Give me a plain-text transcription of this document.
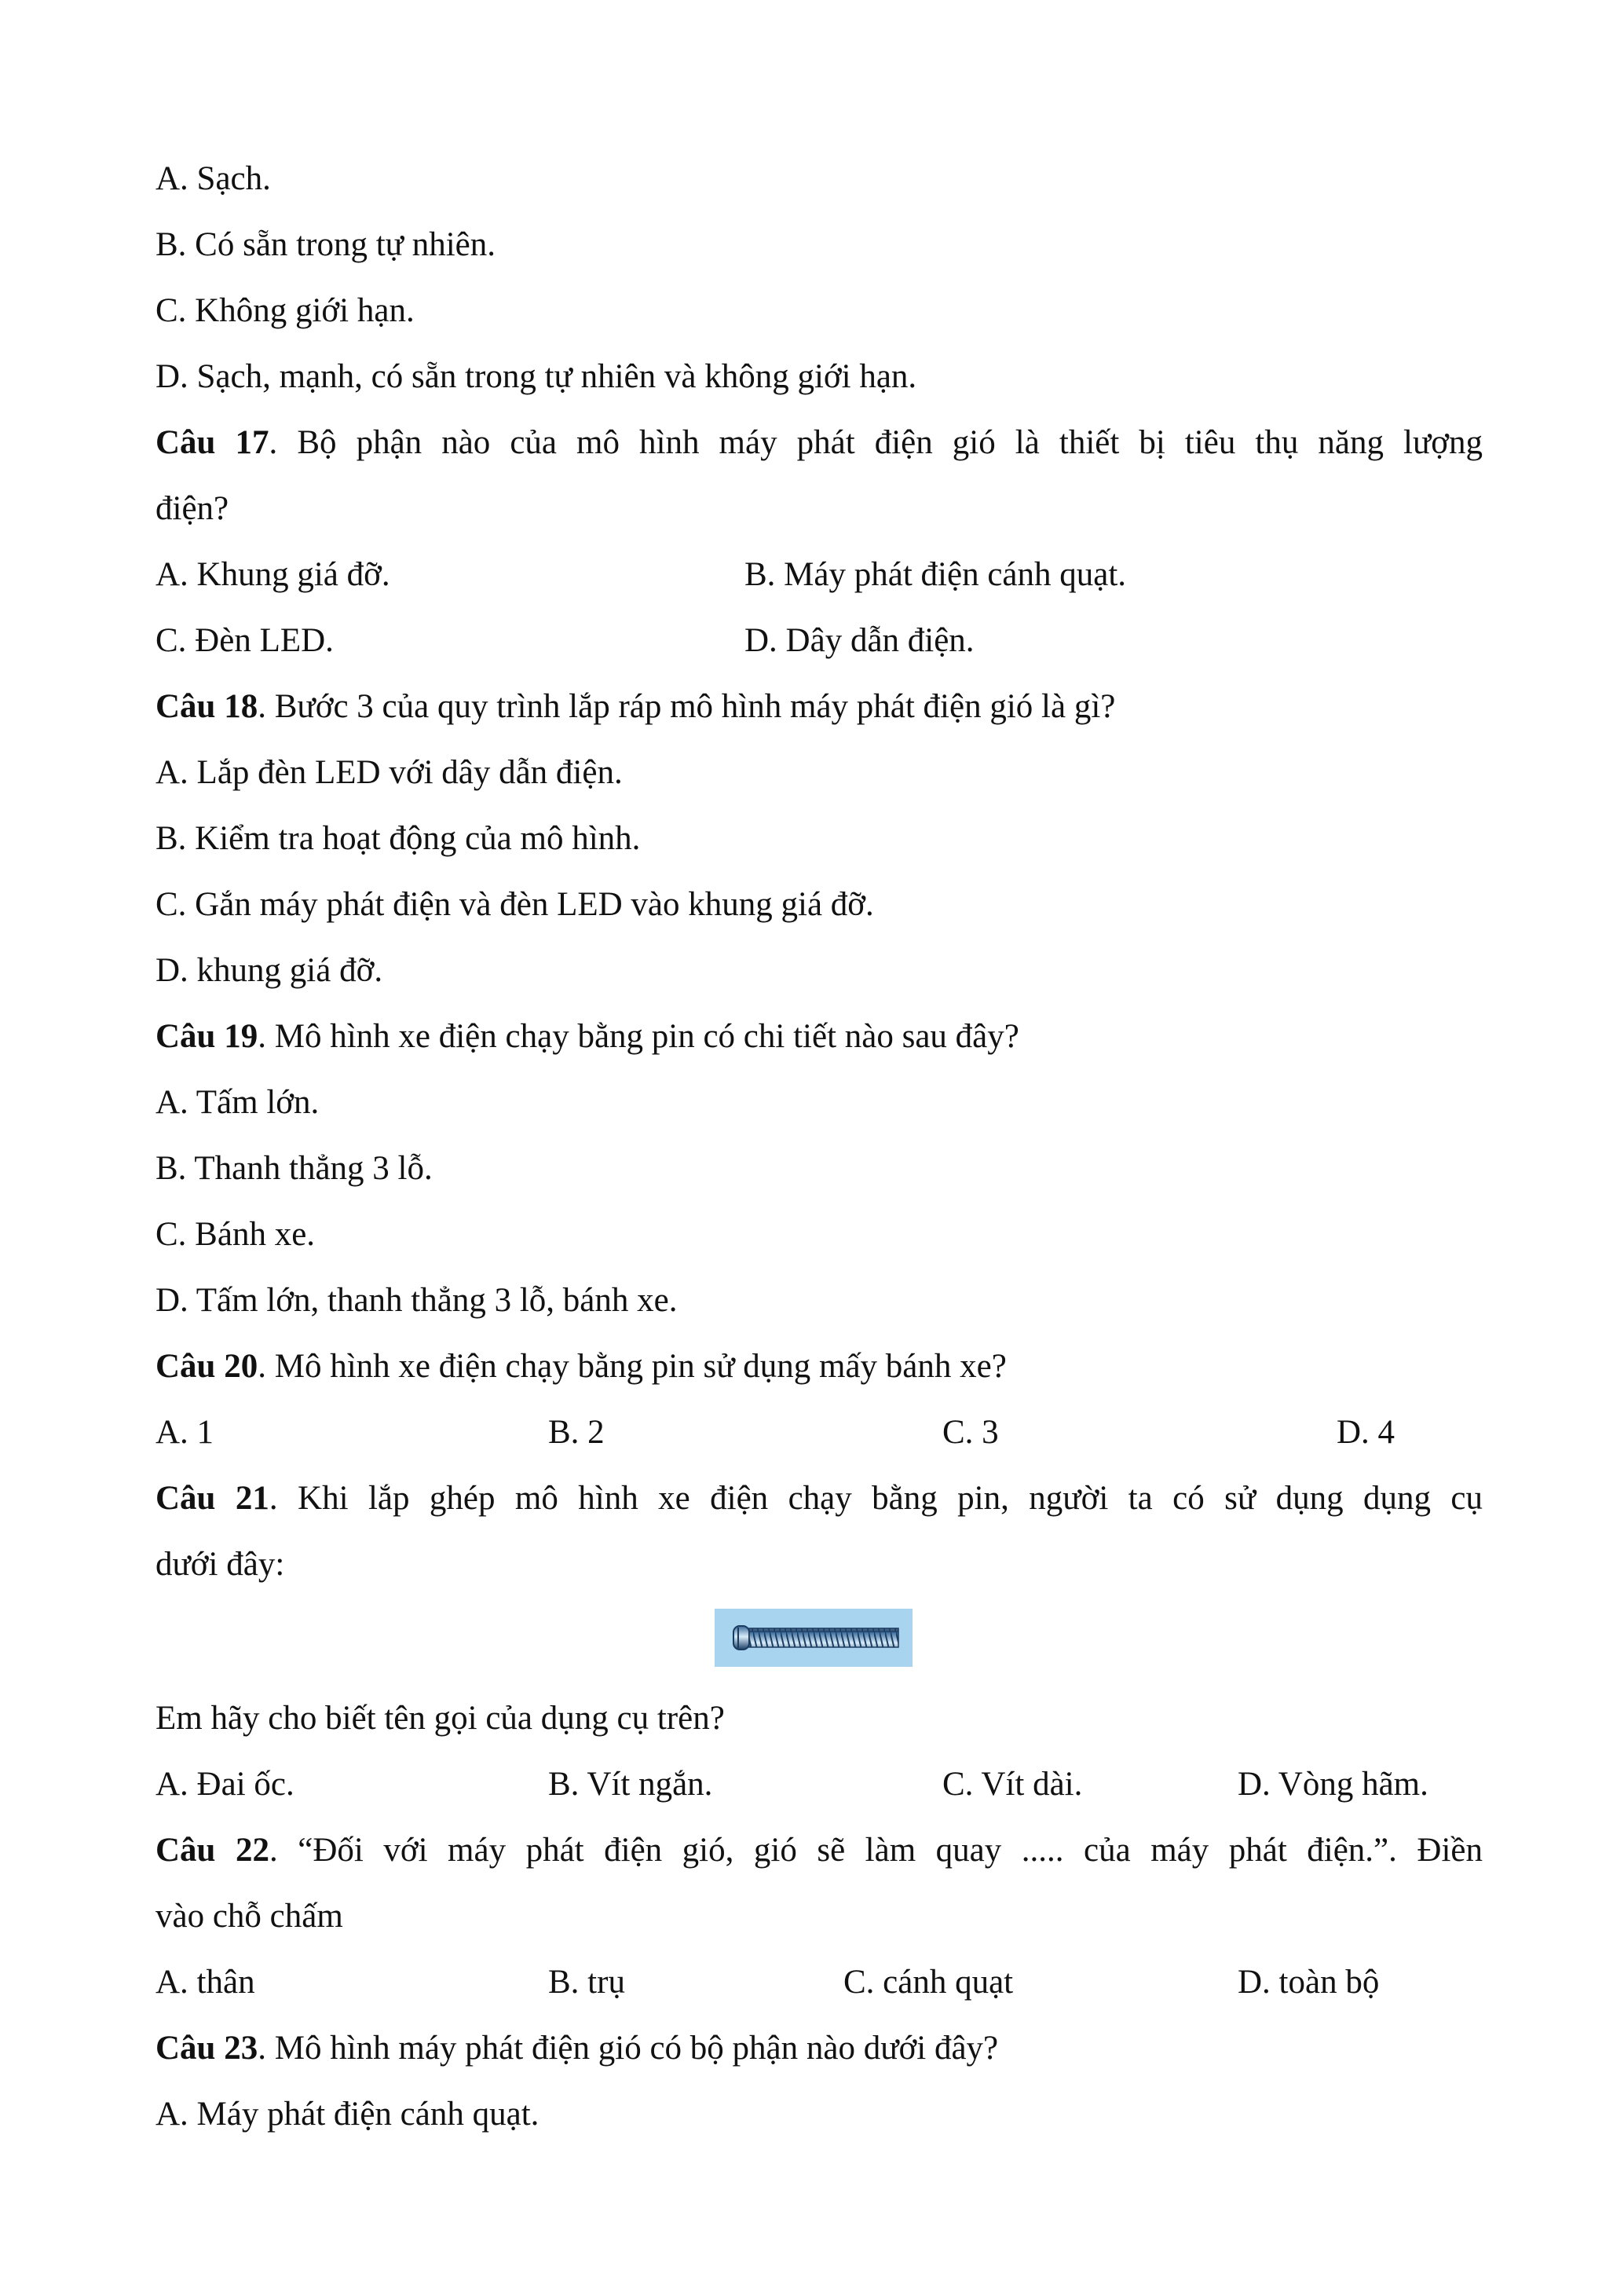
A. Sạch.
B. Có sẵn trong tự nhiên.
C. Không giới hạn.
D. Sạch, mạnh, có sẵn trong tự nhiên và không giới hạn.
Câu 17. Bộ phận nào của mô hình máy phát điện gió là thiết bị tiêu thụ năng lượng
điện?
A. Khung giá đỡ.	B. Máy phát điện cánh quạt.
C. Đèn LED.	D. Dây dẫn điện.
Câu 18. Bước 3 của quy trình lắp ráp mô hình máy phát điện gió là gì?
A. Lắp đèn LED với dây dẫn điện.
B. Kiểm tra hoạt động của mô hình.
C. Gắn máy phát điện và đèn LED vào khung giá đỡ.
D. khung giá đỡ.
Câu 19. Mô hình xe điện chạy bằng pin có chi tiết nào sau đây?
A. Tấm lớn.
B. Thanh thẳng 3 lỗ.
C. Bánh xe.
D. Tấm lớn, thanh thẳng 3 lỗ, bánh xe.
Câu 20. Mô hình xe điện chạy bằng pin sử dụng mấy bánh xe?
A. 1	B. 2	C. 3	D. 4
Câu 21. Khi lắp ghép mô hình xe điện chạy bằng pin, người ta có sử dụng dụng cụ
dưới đây:
Em hãy cho biết tên gọi của dụng cụ trên?
A. Đai ốc.	B. Vít ngắn.	C. Vít dài.	D. Vòng hãm.
Câu 22. “Đối với máy phát điện gió, gió sẽ làm quay ..... của máy phát điện.”. Điền
vào chỗ chấm
A. thân	B. trụ	C. cánh quạt	D. toàn bộ
Câu 23. Mô hình máy phát điện gió có bộ phận nào dưới đây?
A. Máy phát điện cánh quạt.
